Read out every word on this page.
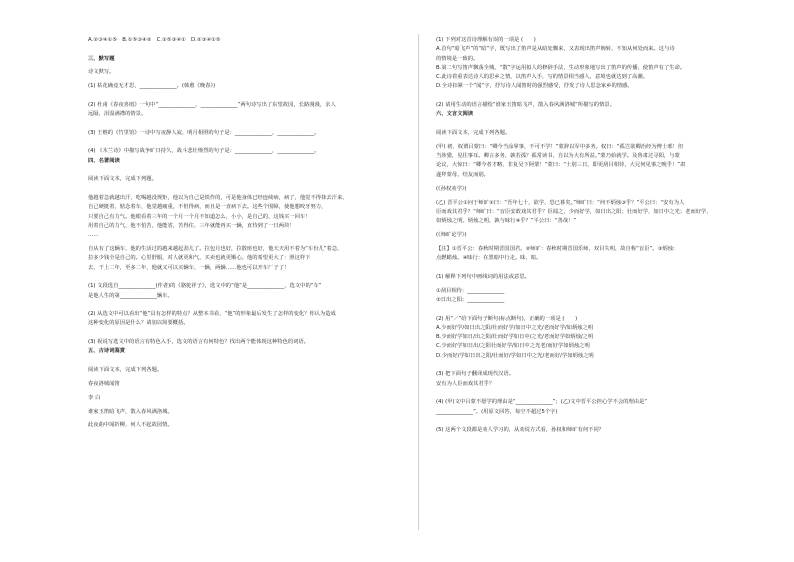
A.②③④①⑤　B.①⑤③④②　C.②⑤③④①　D.②③④①⑤
三、默写题
诗文默写。
(1) 枯花确竟无才思，______________。(韩愈《晚春》)
(2) 杜甫《春夜喜雨》一句中“______________，______________”两句诗写出了东望故园，长路漫漫，亲人
远隔，泪湿满襟的情景。
(3) 王维的《竹里馆》一诗中写夜静人寂，明月相照的句子是：______________，______________。
(4) 《木兰诗》中描写战争旷日持久，战斗悲壮惨烈的句子是：______________，______________。
四、名著阅读
阅读下面文本，完成下列题。
他越着急就越出汗，吃喝越没规矩，他以为自己是铁作的，可是他身体已经连续病，病了，他觉不得抹去汗来，
自己硬挺着，惦念着车，他觉越痛重，不但得病，而且是一直病下去。这些个围障，使他想咬牙努力，
只要自己有力气。他眼看着三年的一个月一个月不知道怎么，小小，是自己的，这钱买一回车！
用着自己的力气，他不怕苦，他能省，苦得住，三年就能再买一辆，直待到了一日两块！
……
自从有了这辆车，他的生活过的越来越起劲儿了。拉包月也好，拉散座也好，他天天用不着为“车份儿”着急，
拉多少钱全是自己的。心里舒服，对人就更和气，买卖也就更顺心。他的希望更大了：照这样下
去，干上二年，至多二年，他就又可以买辆车，一辆，两辆……他也可以开车厂子了！
(1) 文段选自______________(作者)的《骆驼祥子》，选文中的“他”是______________，选文中的“车”
是他人生的第______________辆车。
(2) 从选文中可以看出“他”具有怎样的特点？从整本书看，“他”的形象最后发生了怎样的变化？你认为造成
这种变化的原因是什么？请加以简要概括。
(3) 祝说写选文中的语言有特色入手，选文的语言有何特色？找出两个能体现这种特色的词语。
五、古诗词鉴赏
阅读下面文本，完成下列各题。
春夜洛城闻笛
李 白
谁家玉笛暗飞声，散入春风满洛城。
此夜曲中闻折柳，何人不起故园情。
(1) 下列对这首诗理解有误的一项是 (　　)
A.首句“暗飞声”的“暗”字，既写出了笛声是从暗处飘来，又表现出笛声婉转，不知从何处而来。这与诗
的情境是一致的。
B.第二句写笛声飘荡全城，“散”字运用拟人的修辞手法，生动形象地写出了笛声的传播，使笛声有了生命。
C.此诗着重表达诗人的思乡之情，以笛声入手，写的情景相当感人，意境也就达到了高潮。
D.全诗扣紧一个“闻”字，抒写诗人闻笛时的强烈感受，抒发了诗人思念家乡的情感。
(2) 请用生动的语言描绘“谁家玉笛暗飞声，散入春风满洛城”所描写的情景。
六、文言文阅读
阅读下面文本，完成下列各题。
(甲) 初，权谓吕蒙曰：“卿今当涂掌事，不可不学！”蒙辞以军中多务。权曰：“孤岂欲卿治经为博士邪！但
当涉猎，见往事耳。卿言多务，孰若孤？孤常读书，自以为大有所益。”蒙乃始就学。及鲁肃过寻阳，与蒙
论议，大惊曰：“卿今者才略，非复吴下阿蒙！”蒙曰：“士别三日，即更刮目相待，大兄何见事之晚乎！”肃
遂拜蒙母，结友而别。
(《孙权劝学》)
(乙) 晋平公①问于师旷②曰：“吾年七十，欲学，恐已暮矣。”师旷曰：“何不炳烛③乎？”平公曰：“安有为人
臣而戏其君乎？”师旷曰：“盲臣安敢戏其君乎？臣闻之，少而好学，如日出之阳；壮而好学，如日中之光；老而好学，
如炳烛之明。炳烛之明，孰与昧行④乎？”平公曰：“善哉！”
(《师旷论学》)
【注】①晋平公：春秋时期晋国国君。②师旷：春秋时期晋国乐师，双目失明，故自称“盲臣”。③炳烛：
点燃蜡烛。④昧行：在黑暗中行走。昧，暗。
(1) 解释下列句中画线词的用法或意思。
①刮目相待：______________
②日出之阳：______________
(2) 用“／”给下面句子断句(标点断句)，正确的一项是 (　　)
A.少而好学/如日出之阳/壮而好学/如日中之光/老而好学/如炳烛之明
B.少而好学如日/出之阳/壮而好学如日中/之光/老而好学如炳烛/之明
C.少而好学如日出/之阳壮而好学/如日中之光老/而好学如炳烛之明
D.少而好/学如日出之阳/壮而好/学如日中之光/老而好/学如炳烛之明
(3) 把下面句子翻译成现代汉语。
安有为人臣而戏其君乎？
(4) (甲)文中吕蒙不愿学的理由是“______________”；(乙)文中晋平公担心学不会的理由是“
______________”。(用原文回答，每空不超过5个字)
(5) 这两个文段都是劝人学习的，从劝说方式看，孙权和师旷有何不同？
